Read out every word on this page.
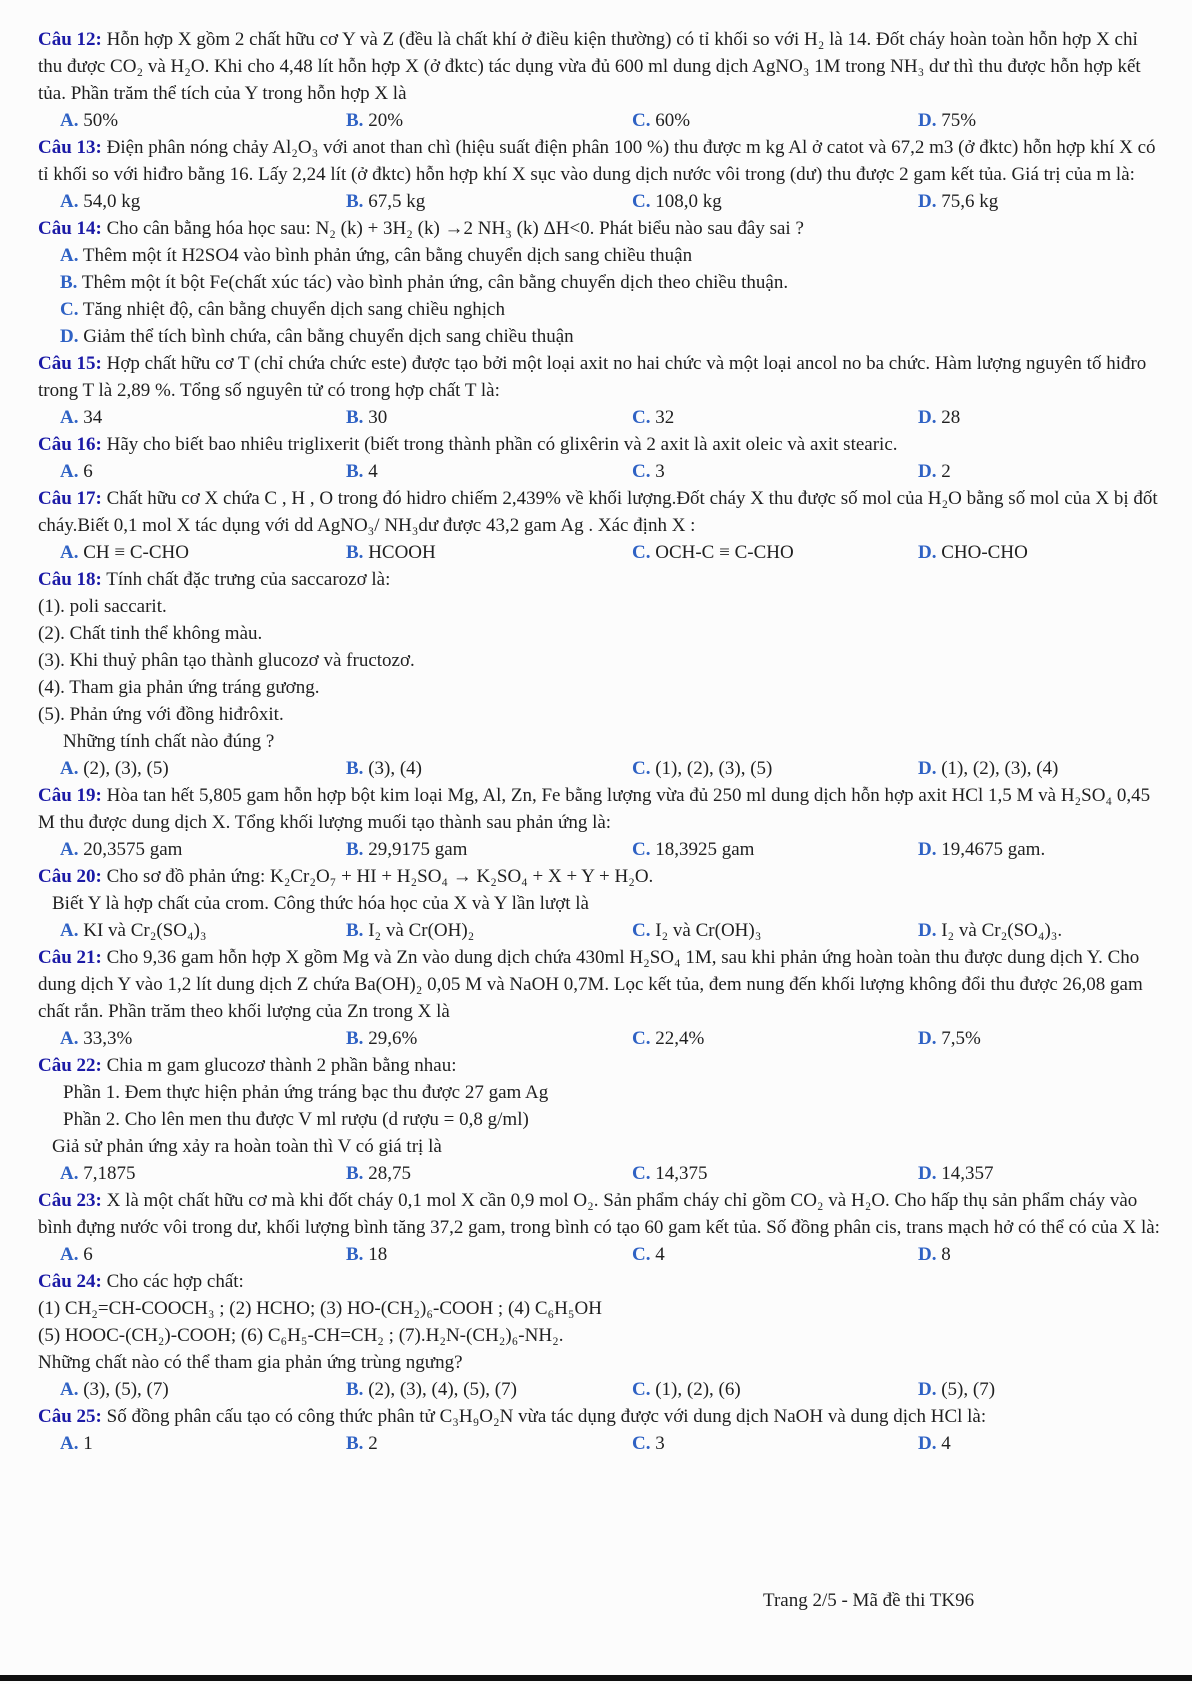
Câu 12: Hỗn hợp X gồm 2 chất hữu cơ Y và Z (đều là chất khí ở điều kiện thường) có tỉ khối so với H₂ là 14. Đốt cháy hoàn toàn hỗn hợp X chỉ thu được CO₂ và H₂O. Khi cho 4,48 lít hỗn hợp X (ở đktc) tác dụng vừa đủ 600 ml dung dịch AgNO₃ 1M trong NH₃ dư thì thu được hỗn hợp kết tủa. Phần trăm thể tích của Y trong hỗn hợp X là

A. 50%	B. 20%	C. 60%	D. 75%

Câu 13: Điện phân nóng chảy Al₂O₃ với anot than chì (hiệu suất điện phân 100 %) thu được m kg Al ở catot và 67,2 m3 (ở đktc) hỗn hợp khí X có tỉ khối so với hiđro bằng 16. Lấy 2,24 lít (ở đktc) hỗn hợp khí X sục vào dung dịch nước vôi trong (dư) thu được 2 gam kết tủa. Giá trị của m là:

A. 54,0 kg	B. 67,5 kg	C. 108,0 kg	D. 75,6 kg

Câu 14: Cho cân bằng hóa học sau: N₂ (k) + 3H₂ (k) →2 NH₃ (k) ΔH<0. Phát biểu nào sau đây sai ?

A. Thêm một ít H2SO4 vào bình phản ứng, cân bằng chuyển dịch sang chiều thuận

B. Thêm một ít bột Fe(chất xúc tác) vào bình phản ứng, cân bằng chuyển dịch theo chiều thuận.

C. Tăng nhiệt độ, cân bằng chuyển dịch sang chiều nghịch

D. Giảm thể tích bình chứa, cân bằng chuyển dịch sang chiều thuận

Câu 15: Hợp chất hữu cơ T (chỉ chứa chức este) được tạo bởi một loại axit no hai chức và một loại ancol no ba chức. Hàm lượng nguyên tố hiđro trong T là 2,89 %. Tổng số nguyên tử có trong hợp chất T là:

A. 34	B. 30	C. 32	D. 28

Câu 16: Hãy cho biết bao nhiêu triglixerit (biết trong thành phần có glixêrin và 2 axit là axit oleic và axit stearic.

A. 6	B. 4	C. 3	D. 2

Câu 17: Chất hữu cơ X chứa C , H , O trong đó hidro chiếm 2,439% về khối lượng.Đốt cháy X thu được số mol của H₂O bằng số mol của X bị đốt cháy.Biết 0,1 mol X tác dụng với dd AgNO₃/ NH₃dư được 43,2 gam Ag . Xác định X :

A. CH ≡ C-CHO	B. HCOOH	C. OCH-C ≡ C-CHO	D. CHO-CHO

Câu 18: Tính chất đặc trưng của saccarozơ là:

(1). poli saccarit.

(2). Chất tinh thể không màu.

(3). Khi thuỷ phân tạo thành glucozơ và fructozơ.

(4). Tham gia phản ứng tráng gương.

(5). Phản ứng với đồng hiđrôxit.

Những tính chất nào đúng ?

A. (2), (3), (5)	B. (3), (4)	C. (1), (2), (3), (5)	D. (1), (2), (3), (4)

Câu 19: Hòa tan hết 5,805 gam hỗn hợp bột kim loại Mg, Al, Zn, Fe bằng lượng vừa đủ 250 ml dung dịch hỗn hợp axit HCl 1,5 M và H₂SO₄ 0,45 M thu được dung dịch X. Tổng khối lượng muối tạo thành sau phản ứng là:

A. 20,3575 gam	B. 29,9175 gam	C. 18,3925 gam	D. 19,4675 gam.

Câu 20: Cho sơ đồ phản ứng: K₂Cr₂O₇ + HI + H₂SO₄ → K₂SO₄ + X + Y + H₂O.

Biết Y là hợp chất của crom. Công thức hóa học của X và Y lần lượt là

A. KI và Cr₂(SO₄)₃	B. I₂ và Cr(OH)₂	C. I₂ và Cr(OH)₃	D. I₂ và Cr₂(SO₄)₃.

Câu 21: Cho 9,36 gam hỗn hợp X gồm Mg và Zn vào dung dịch chứa 430ml H₂SO₄ 1M, sau khi phản ứng hoàn toàn thu được dung dịch Y. Cho dung dịch Y vào 1,2 lít dung dịch Z chứa Ba(OH)₂ 0,05 M và NaOH 0,7M. Lọc kết tủa, đem nung đến khối lượng không đổi thu được 26,08 gam chất rắn. Phần trăm theo khối lượng của Zn trong X là

A. 33,3%	B. 29,6%	C. 22,4%	D. 7,5%

Câu 22: Chia m gam glucozơ thành 2 phần bằng nhau:

Phần 1. Đem thực hiện phản ứng tráng bạc thu được 27 gam Ag

Phần 2. Cho lên men thu được V ml rượu (d rượu = 0,8 g/ml)

Giả sử phản ứng xảy ra hoàn toàn thì V có giá trị là

A. 7,1875	B. 28,75	C. 14,375	D. 14,357

Câu 23: X là một chất hữu cơ mà khi đốt cháy 0,1 mol X cần 0,9 mol O₂. Sản phẩm cháy chỉ gồm CO₂ và H₂O. Cho hấp thụ sản phẩm cháy vào bình đựng nước vôi trong dư, khối lượng bình tăng 37,2 gam, trong bình có tạo 60 gam kết tủa. Số đồng phân cis, trans mạch hở có thể có của X là:

A. 6	B. 18	C. 4	D. 8

Câu 24: Cho các hợp chất:

(1) CH₂=CH-COOCH₃ ; (2) HCHO; (3) HO-(CH₂)₆-COOH ; (4) C₆H₅OH

(5) HOOC-(CH₂)-COOH; (6) C₆H₅-CH=CH₂ ; (7).H₂N-(CH₂)₆-NH₂.

Những chất nào có thể tham gia phản ứng trùng ngưng?

A. (3), (5), (7)	B. (2), (3), (4), (5), (7)	C. (1), (2), (6)	D. (5), (7)

Câu 25: Số đồng phân cấu tạo có công thức phân tử C₃H₉O₂N vừa tác dụng được với dung dịch NaOH và dung dịch HCl là:

A. 1	B. 2	C. 3	D. 4

Trang 2/5 - Mã đề thi TK96
